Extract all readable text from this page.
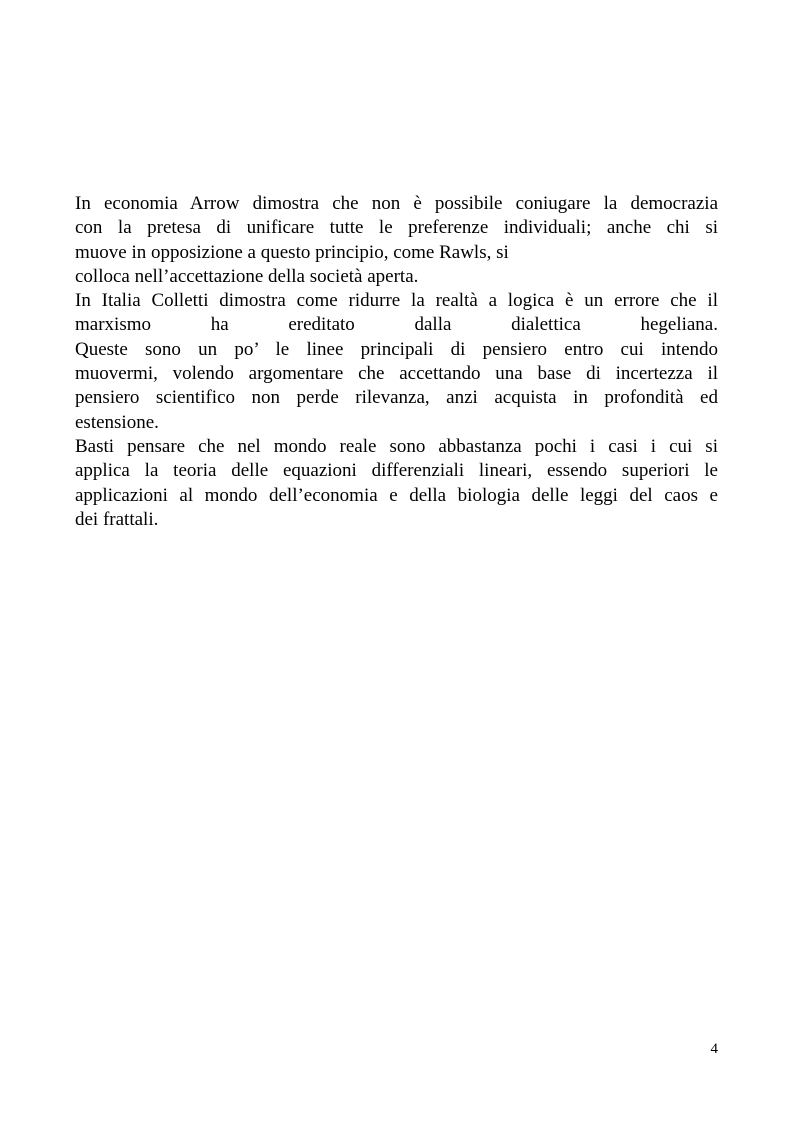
In economia Arrow dimostra che non è possibile coniugare la democrazia
con la pretesa di unificare tutte le preferenze individuali; anche chi si
muove in opposizione a questo principio, come Rawls, si
colloca nell’accettazione della società aperta.
In Italia Colletti dimostra come ridurre la realtà a logica è un errore che il
marxismo ha ereditato dalla dialettica hegeliana.
Queste sono un po’ le linee principali di pensiero entro cui intendo
muovermi, volendo argomentare che accettando una base di incertezza il
pensiero scientifico non perde rilevanza, anzi acquista in profondità ed
estensione.
Basti pensare che nel mondo reale sono abbastanza pochi i casi i cui si
applica la teoria delle equazioni differenziali lineari, essendo superiori le
applicazioni al mondo dell’economia e della biologia delle leggi del caos e
dei frattali.
4
